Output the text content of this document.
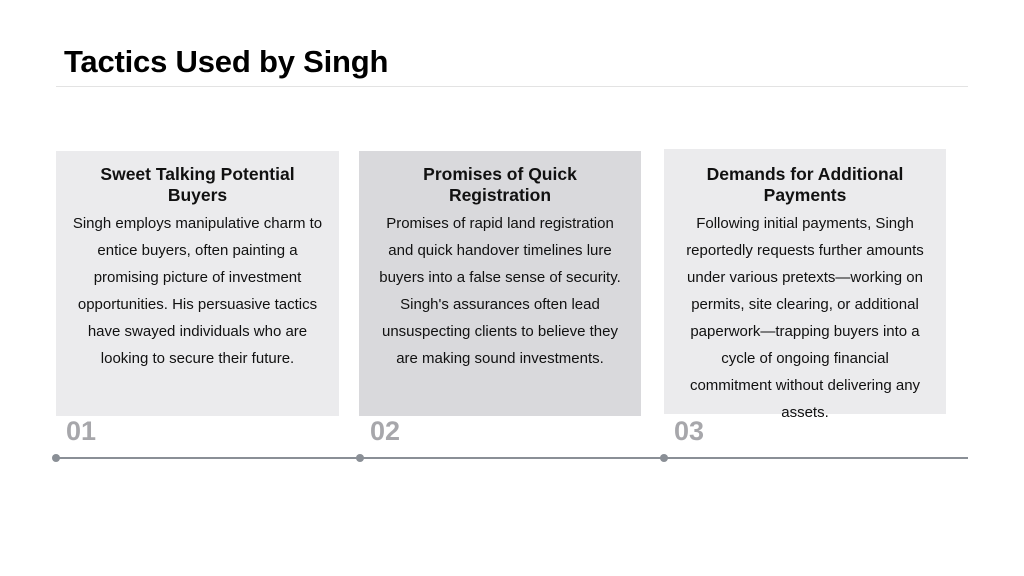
Tactics Used by Singh
Sweet Talking Potential Buyers

Singh employs manipulative charm to entice buyers, often painting a promising picture of investment opportunities. His persuasive tactics have swayed individuals who are looking to secure their future.

Promises of Quick Registration

Promises of rapid land registration and quick handover timelines lure buyers into a false sense of security. Singh's assurances often lead unsuspecting clients to believe they are making sound investments.

Demands for Additional Payments

Following initial payments, Singh reportedly requests further amounts under various pretexts—working on permits, site clearing, or additional paperwork—trapping buyers into a cycle of ongoing financial commitment without delivering any assets.

01	02	03
